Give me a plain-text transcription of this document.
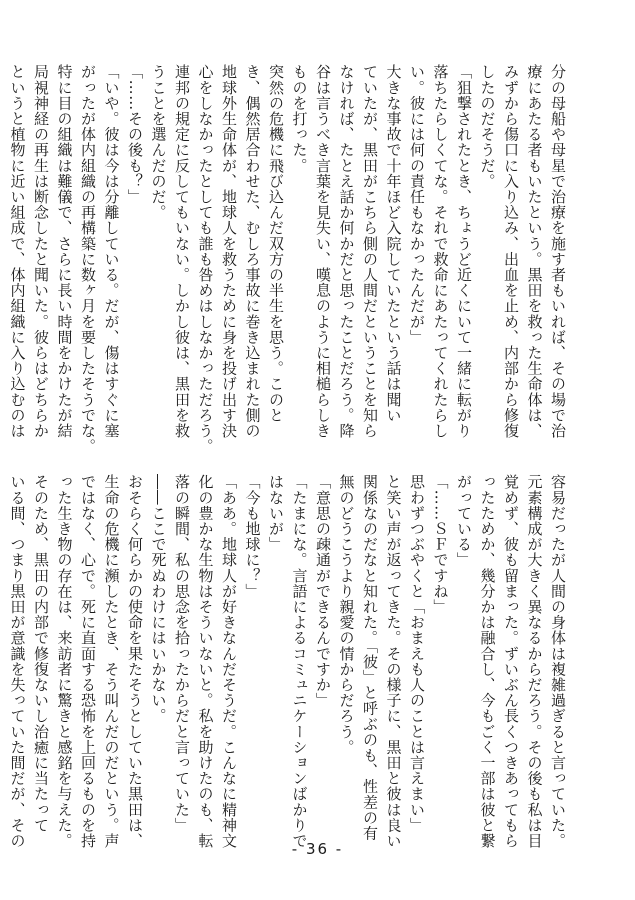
分の母船や母星で治療を施す者もいれば、その場で治
療にあたる者もいたという。黒田を救った生命体は、
みずから傷口に入り込み、出血を止め、内部から修復
したのだそうだ。
「狙撃されたとき、ちょうど近くにいて一緒に転がり
落ちたらしくてな。それで救命にあたってくれたらし
い。彼には何の責任もなかったんだが」
大きな事故で十年ほど入院していたという話は聞い
ていたが、黒田がこちら側の人間だということを知ら
なければ、たとえ話か何かだと思ったことだろう。降
谷は言うべき言葉を見失い、嘆息のように相槌らしき
ものを打った。
突然の危機に飛び込んだ双方の半生を思う。このと
き、偶然居合わせた、むしろ事故に巻き込まれた側の
地球外生命体が、地球人を救うために身を投げ出す決
心をしなかったとしても誰も咎めはしなかっただろう。
連邦の規定に反してもいない。しかし彼は、黒田を救
うことを選んだのだ。
「……その後も？」
「いや。彼は今は分離している。だが、傷はすぐに塞
がったが体内組織の再構築に数ヶ月を要したそうでな。
特に目の組織は難儀で、さらに長い時間をかけたが結
局視神経の再生は断念したと聞いた。彼らはどちらか
というと植物に近い組成で、体内組織に入り込むのは
容易だったが人間の身体は複雑過ぎると言っていた。
元素構成が大きく異なるからだろう。その後も私は目
覚めず、彼も留まった。ずいぶん長くつきあってもら
ったためか、幾分かは融合し、今もごく一部は彼と繋
がっている」
「……ＳＦですね」
思わずつぶやくと「おまえも人のことは言えまい」
と笑い声が返ってきた。その様子に、黒田と彼は良い
関係なのだなと知れた。「彼」と呼ぶのも、性差の有
無のどうこうより親愛の情からだろう。
「意思の疎通ができるんですか」
「たまにな。言語によるコミュニケーションばかりで
はないが」
「今も地球に？」
「ああ。地球人が好きなんだそうだ。こんなに精神文
化の豊かな生物はそういないと。私を助けたのも、転
落の瞬間、私の思念を拾ったからだと言っていた」
――ここで死ぬわけにはいかない。
おそらく何らかの使命を果たそうとしていた黒田は、
生命の危機に瀕したとき、そう叫んだのだという。声
ではなく、心で。死に直面する恐怖を上回るものを持
った生き物の存在は、来訪者に驚きと感銘を与えた。
そのため、黒田の内部で修復ないし治癒に当たって
いる間、つまり黒田が意識を失っていた間だが、その
- 36 -
